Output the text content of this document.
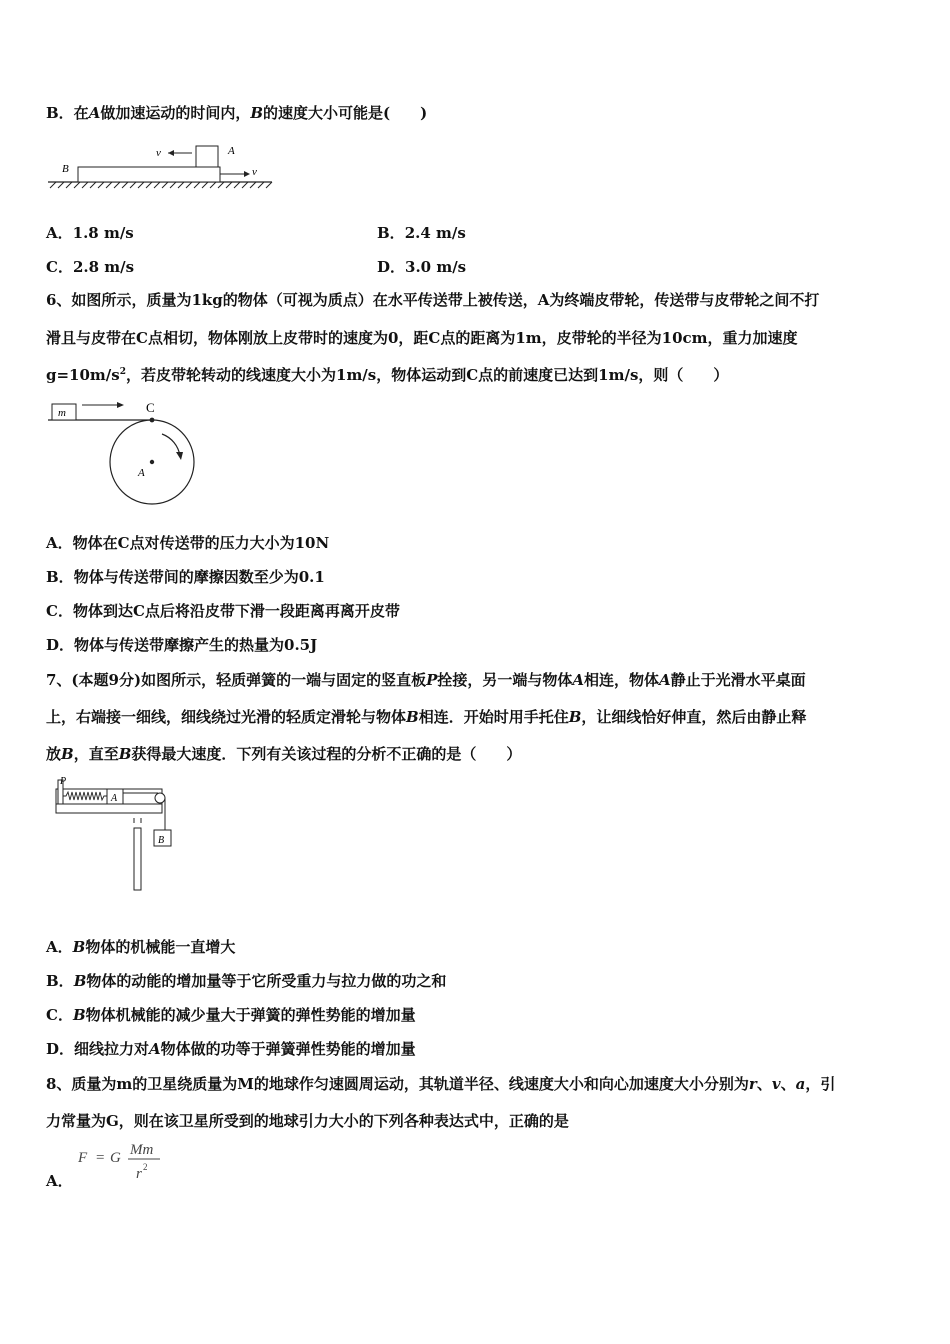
B．在A做加速运动的时间内，B的速度大小可能是(　　)
B
A
v
v
A．1.8 m/s	B．2.4 m/s
C．2.8 m/s	D．3.0 m/s
6、如图所示，质量为1kg的物体（可视为质点）在水平传送带上被传送，A为终端皮带轮，传送带与皮带轮之间不打
滑且与皮带在C点相切，物体刚放上皮带时的速度为0，距C点的距离为1m，皮带轮的半径为10cm，重力加速度
$g=10m/s^2$，若皮带轮转动的线速度大小为1m/s，物体运动到C点的前速度已达到1m/s，则（　　）
m	C
A
A．物体在C点对传送带的压力大小为10N
B．物体与传送带间的摩擦因数至少为0.1
C．物体到达C点后将沿皮带下滑一段距离再离开皮带
D．物体与传送带摩擦产生的热量为0.5J
7、(本题9分)如图所示，轻质弹簧的一端与固定的竖直板P拴接，另一端与物体A相连，物体A静止于光滑水平桌面
上，右端接一细线，细线绕过光滑的轻质定滑轮与物体B相连．开始时用手托住B，让细线恰好伸直，然后由静止释
放B，直至B获得最大速度．下列有关该过程的分析不正确的是（　　）
P
A
B
A．B物体的机械能一直增大
B．B物体的动能的增加量等于它所受重力与拉力做的功之和
C．B物体机械能的减少量大于弹簧的弹性势能的增加量
D．细线拉力对A物体做的功等于弹簧弹性势能的增加量
8、质量为m的卫星绕质量为M的地球作匀速圆周运动，其轨道半径、线速度大小和向心加速度大小分别为r、v、a，引
力常量为G，则在该卫星所受到的地球引力大小的下列各种表达式中，正确的是
A．
F = G Mm
r 2
